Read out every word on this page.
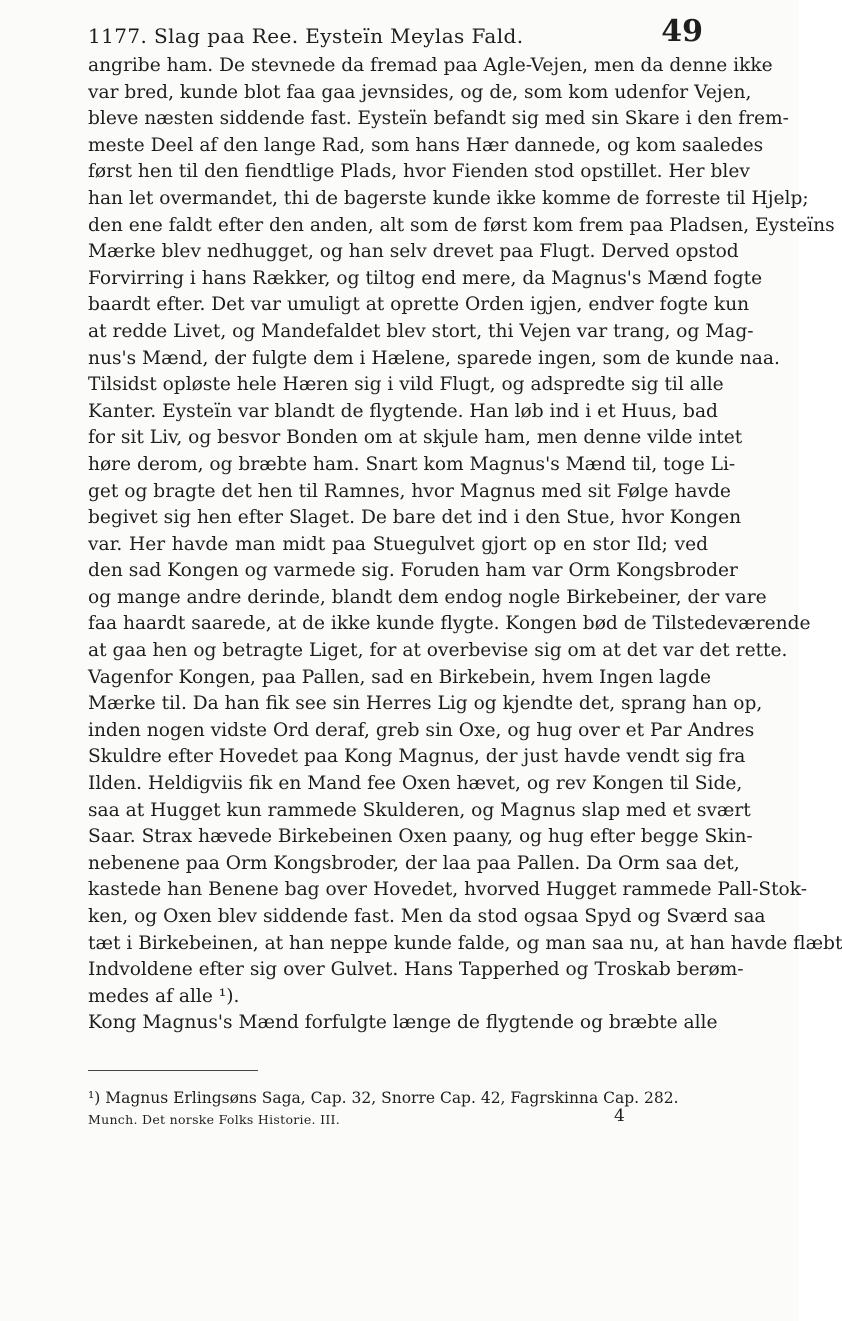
1177. Slag paa Ree. Eysteïn Meylas Fald.	49
angribe ham. De stevnede da fremad paa Agle-Vejen, men da denne ikke
var bred, kunde blot faa gaa jevnsides, og de, som kom udenfor Vejen,
bleve næsten siddende fast. Eysteïn befandt sig med sin Skare i den frem-
meste Deel af den lange Rad, som hans Hær dannede, og kom saaledes
først hen til den fiendtlige Plads, hvor Fienden stod opstillet. Her blev
han let overmandet, thi de bagerste kunde ikke komme de forreste til Hjelp;
den ene faldt efter den anden, alt som de først kom frem paa Pladsen, Eysteïns
Mærke blev nedhugget, og han selv drevet paa Flugt. Derved opstod
Forvirring i hans Rækker, og tiltog end mere, da Magnus's Mænd fogte
baardt efter. Det var umuligt at oprette Orden igjen, endver fogte kun
at redde Livet, og Mandefaldet blev stort, thi Vejen var trang, og Mag-
nus's Mænd, der fulgte dem i Hælene, sparede ingen, som de kunde naa.
Tilsidst opløste hele Hæren sig i vild Flugt, og adspredte sig til alle
Kanter. Eysteïn var blandt de flygtende. Han løb ind i et Huus, bad
for sit Liv, og besvor Bonden om at skjule ham, men denne vilde intet
høre derom, og bræbte ham. Snart kom Magnus's Mænd til, toge Li-
get og bragte det hen til Ramnes, hvor Magnus med sit Følge havde
begivet sig hen efter Slaget. De bare det ind i den Stue, hvor Kongen
var. Her havde man midt paa Stuegulvet gjort op en stor Ild; ved
den sad Kongen og varmede sig. Foruden ham var Orm Kongsbroder
og mange andre derinde, blandt dem endog nogle Birkebeiner, der vare
faa haardt saarede, at de ikke kunde flygte. Kongen bød de Tilstedeværende
at gaa hen og betragte Liget, for at overbevise sig om at det var det rette.
Vagenfor Kongen, paa Pallen, sad en Birkebein, hvem Ingen lagde
Mærke til. Da han fik see sin Herres Lig og kjendte det, sprang han op,
inden nogen vidste Ord deraf, greb sin Oxe, og hug over et Par Andres
Skuldre efter Hovedet paa Kong Magnus, der just havde vendt sig fra
Ilden. Heldigviis fik en Mand fee Oxen hævet, og rev Kongen til Side,
saa at Hugget kun rammede Skulderen, og Magnus slap med et svært
Saar. Strax hævede Birkebeinen Oxen paany, og hug efter begge Skin-
nebenene paa Orm Kongsbroder, der laa paa Pallen. Da Orm saa det,
kastede han Benene bag over Hovedet, hvorved Hugget rammede Pall-Stok-
ken, og Oxen blev siddende fast. Men da stod ogsaa Spyd og Sværd saa
tæt i Birkebeinen, at han neppe kunde falde, og man saa nu, at han havde flæbt
Indvoldene efter sig over Gulvet. Hans Tapperhed og Troskab berøm-
medes af alle ¹).
Kong Magnus's Mænd forfulgte længe de flygtende og bræbte alle
¹) Magnus Erlingsøns Saga, Cap. 32, Snorre Cap. 42, Fagrskinna Cap. 282.
Munch. Det norske Folks Historie. III.	4
